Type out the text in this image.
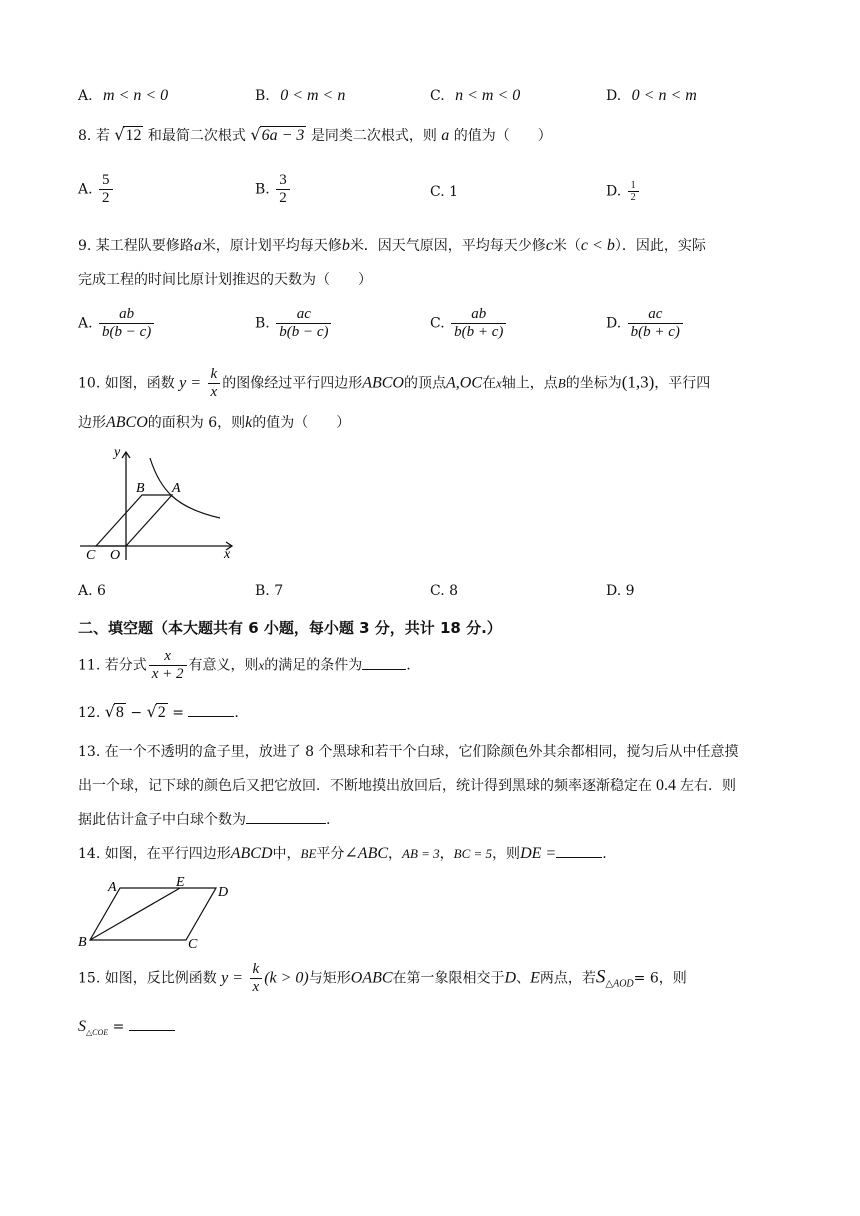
A. m < n < 0	B. 0 < m < n	C. n < m < 0	D. 0 < n < m
8. 若 √12 和最简二次根式 √6a − 3 是同类二次根式，则 a 的值为（　　）
A. $\frac{5}{2}$	B. $\frac{3}{2}$	C. 1	D. $\frac{1}{2}$
9. 某工程队要修路a米，原计划平均每天修b米．因天气原因，平均每天少修c米（c < b）．因此，实际
完成工程的时间比原计划推迟的天数为（　　）
A. $\frac{ab}{b(b - c)}$	B. $\frac{ac}{b(b - c)}$	C. $\frac{ab}{b(b + c)}$	D. $\frac{ac}{b(b + c)}$
10. 如图，函数 $y = \frac{k}{x}$ 的图像经过平行四边形ABCO的顶点A,OC在x轴上，点B的坐标为(1,3)，平行四
边形ABCO的面积为 6，则k的值为（　　）
y
x
B A
C O
A. 6	B. 7	C. 8	D. 9
二、填空题（本大题共有 6 小题，每小题 3 分，共计 18 分.）
11. 若分式 $\frac{x}{x + 2}$ 有意义，则x的满足的条件为	.
12. √8 − √2 =	.
13. 在一个不透明的盒子里，放进了 8 个黑球和若干个白球，它们除颜色外其余都相同，搅匀后从中任意摸
出一个球，记下球的颜色后又把它放回．不断地摸出放回后，统计得到黑球的频率逐渐稳定在 0.4 左右．则
据此估计盒子中白球个数为	.
14. 如图，在平行四边形ABCD中，BE平分∠ABC，AB = 3，BC = 5，则DE =	.
A	E
D
B	C
15. 如图，反比例函数 $y = \frac{k}{x} (k > 0)$与矩形OABC在第一象限相交于D、E两点，若$S_{\triangle AOD}= 6$，则
$S_{\triangle COE}$ =
